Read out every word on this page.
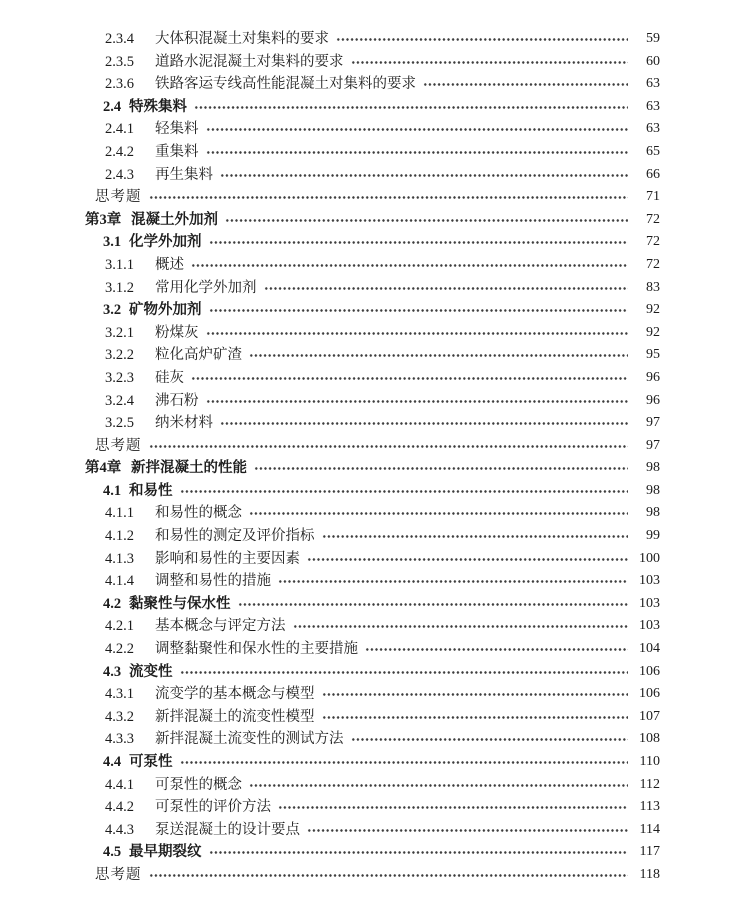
2.3.4	大体积混凝土对集料的要求	59
2.3.5	道路水泥混凝土对集料的要求	60
2.3.6	铁路客运专线高性能混凝土对集料的要求	63
2.4 特殊集料	63
2.4.1	轻集料	63
2.4.2	重集料	65
2.4.3	再生集料	66
思考题	71
第3章 混凝土外加剂	72
3.1 化学外加剂	72
3.1.1	概述	72
3.1.2	常用化学外加剂	83
3.2 矿物外加剂	92
3.2.1	粉煤灰	92
3.2.2	粒化高炉矿渣	95
3.2.3	硅灰	96
3.2.4	沸石粉	96
3.2.5	纳米材料	97
思考题	97
第4章 新拌混凝土的性能	98
4.1 和易性	98
4.1.1	和易性的概念	98
4.1.2	和易性的测定及评价指标	99
4.1.3	影响和易性的主要因素	100
4.1.4	调整和易性的措施	103
4.2 黏聚性与保水性	103
4.2.1	基本概念与评定方法	103
4.2.2	调整黏聚性和保水性的主要措施	104
4.3 流变性	106
4.3.1	流变学的基本概念与模型	106
4.3.2	新拌混凝土的流变性模型	107
4.3.3	新拌混凝土流变性的测试方法	108
4.4 可泵性	110
4.4.1	可泵性的概念	112
4.4.2	可泵性的评价方法	113
4.4.3	泵送混凝土的设计要点	114
4.5 最早期裂纹	117
思考题	118
